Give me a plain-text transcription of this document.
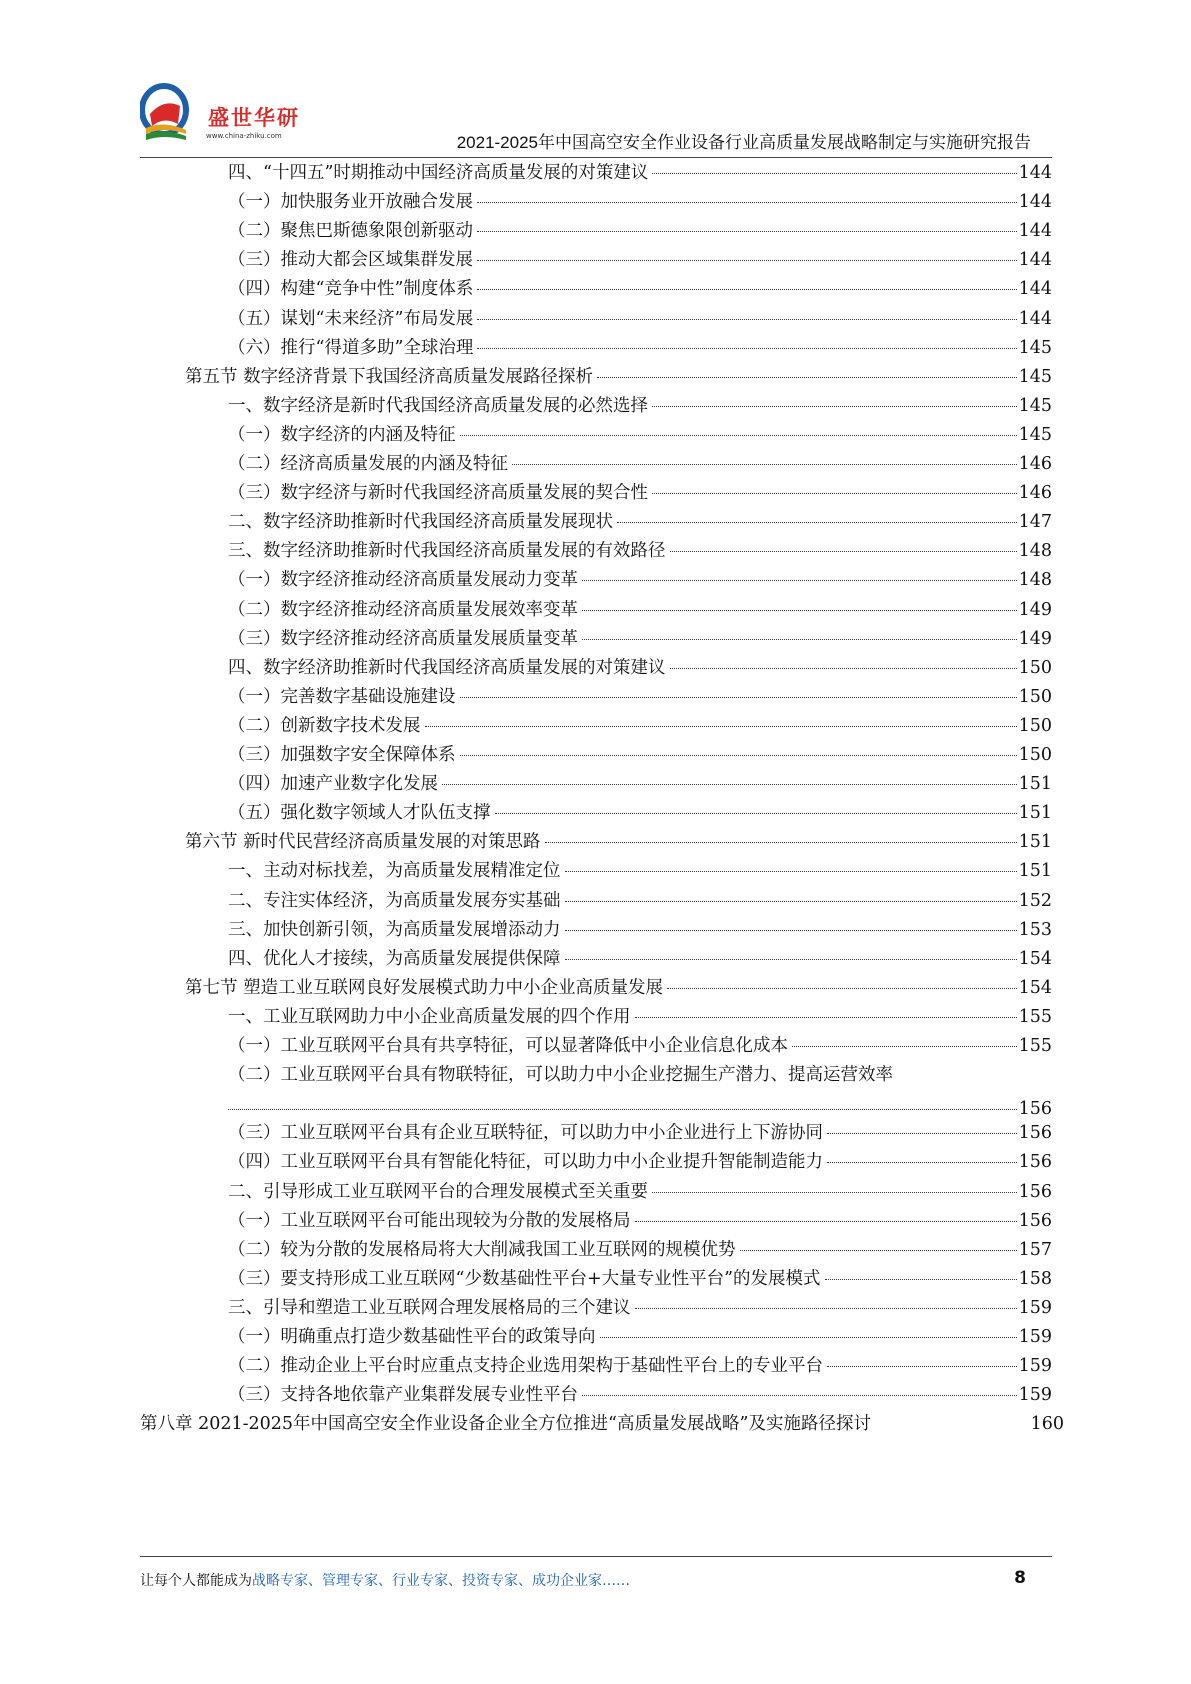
盛世华研
www.china-zhiku.com	2021-2025年中国高空安全作业设备行业高质量发展战略制定与实施研究报告
四、“十四五”时期推动中国经济高质量发展的对策建议	144
（一）加快服务业开放融合发展	144
（二）聚焦巴斯德象限创新驱动	144
（三）推动大都会区域集群发展	144
（四）构建“竞争中性”制度体系	144
（五）谋划“未来经济”布局发展	144
（六）推行“得道多助”全球治理	145
第五节 数字经济背景下我国经济高质量发展路径探析	145
一、数字经济是新时代我国经济高质量发展的必然选择	145
（一）数字经济的内涵及特征	145
（二）经济高质量发展的内涵及特征	146
（三）数字经济与新时代我国经济高质量发展的契合性	146
二、数字经济助推新时代我国经济高质量发展现状	147
三、数字经济助推新时代我国经济高质量发展的有效路径	148
（一）数字经济推动经济高质量发展动力变革	148
（二）数字经济推动经济高质量发展效率变革	149
（三）数字经济推动经济高质量发展质量变革	149
四、数字经济助推新时代我国经济高质量发展的对策建议	150
（一）完善数字基础设施建设	150
（二）创新数字技术发展	150
（三）加强数字安全保障体系	150
（四）加速产业数字化发展	151
（五）强化数字领域人才队伍支撑	151
第六节 新时代民营经济高质量发展的对策思路	151
一、主动对标找差，为高质量发展精准定位	151
二、专注实体经济，为高质量发展夯实基础	152
三、加快创新引领，为高质量发展增添动力	153
四、优化人才接续，为高质量发展提供保障	154
第七节 塑造工业互联网良好发展模式助力中小企业高质量发展	154
一、工业互联网助力中小企业高质量发展的四个作用	155
（一）工业互联网平台具有共享特征，可以显著降低中小企业信息化成本	155
（二）工业互联网平台具有物联特征，可以助力中小企业挖掘生产潜力、提高运营效率
156
（三）工业互联网平台具有企业互联特征，可以助力中小企业进行上下游协同	156
（四）工业互联网平台具有智能化特征，可以助力中小企业提升智能制造能力	156
二、引导形成工业互联网平台的合理发展模式至关重要	156
（一）工业互联网平台可能出现较为分散的发展格局	156
（二）较为分散的发展格局将大大削减我国工业互联网的规模优势	157
（三）要支持形成工业互联网“少数基础性平台+大量专业性平台”的发展模式	158
三、引导和塑造工业互联网合理发展格局的三个建议	159
（一）明确重点打造少数基础性平台的政策导向	159
（二）推动企业上平台时应重点支持企业选用架构于基础性平台上的专业平台	159
（三）支持各地依靠产业集群发展专业性平台	159
第八章 2021-2025年中国高空安全作业设备企业全方位推进“高质量发展战略”及实施路径探讨	160
让每个人都能成为战略专家、管理专家、行业专家、投资专家、成功企业家……	8
